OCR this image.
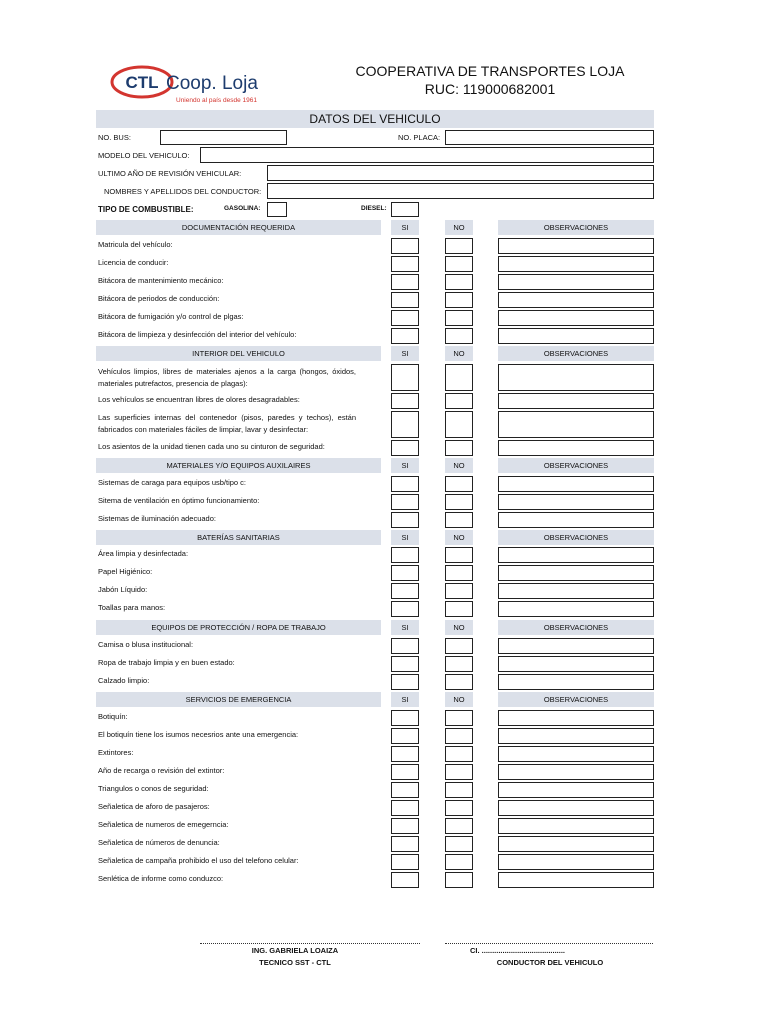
CTL Coop. Loja
Uniendo al país desde 1961
COOPERATIVA DE TRANSPORTES LOJA
RUC: 119000682001
DATOS DEL VEHICULO
NO. BUS:	NO. PLACA:
MODELO DEL VEHICULO:
ULTIMO AÑO DE REVISIÓN VEHICULAR:
NOMBRES Y APELLIDOS DEL CONDUCTOR:
TIPO DE COMBUSTIBLE:	GASOLINA:	DIESEL:
DOCUMENTACIÓN REQUERIDA	SI	NO	OBSERVACIONES
Matricula del vehículo:
Licencia de conducir:
Bitácora de mantenimiento mecánico:
Bitácora de periodos de conducción:
Bitácora de fumigación y/o control de plgas:
Bitácora de limpieza y desinfección del interior del vehículo:
INTERIOR DEL VEHICULO	SI	NO	OBSERVACIONES
Vehículos limpios, libres de materiales ajenos a la carga (hongos, óxidos, materiales putrefactos, presencia de plagas):
Los vehículos se encuentran libres de olores desagradables:
Las superficies internas del contenedor (pisos, paredes y techos), están fabricados con materiales fáciles de limpiar, lavar y desinfectar:
Los asientos de la unidad tienen cada uno su cinturon de seguridad:
MATERIALES Y/O EQUIPOS AUXILAIRES	SI	NO	OBSERVACIONES
Sistemas de caraga para equipos usb/tipo c:
Sitema de ventilación en óptimo funcionamiento:
Sistemas de iluminación adecuado:
BATERÍAS SANITARIAS	SI	NO	OBSERVACIONES
Área limpia y desinfectada:
Papel Higiénico:
Jabón Líquido:
Toallas para manos:
EQUIPOS DE PROTECCIÓN / ROPA DE TRABAJO	SI	NO	OBSERVACIONES
Camisa o blusa institucional:
Ropa de trabajo limpia y en buen estado:
Calzado limpio:
SERVICIOS DE EMERGENCIA	SI	NO	OBSERVACIONES
Botiquín:
El botiquín tiene los isumos necesrios ante una emergencia:
Extintores:
Año de recarga o revisión del extintor:
Triangulos o conos de seguridad:
Señaletica de aforo de pasajeros:
Señaletica de numeros de emegerncia:
Señaletica de números de denuncia:
Señaletica de campaña prohibido el uso del telefono celular:
Senlética de informe como conduzco:
ING. GABRIELA LOAIZA
TECNICO SST - CTL
CI. ........................................
CONDUCTOR DEL VEHICULO
